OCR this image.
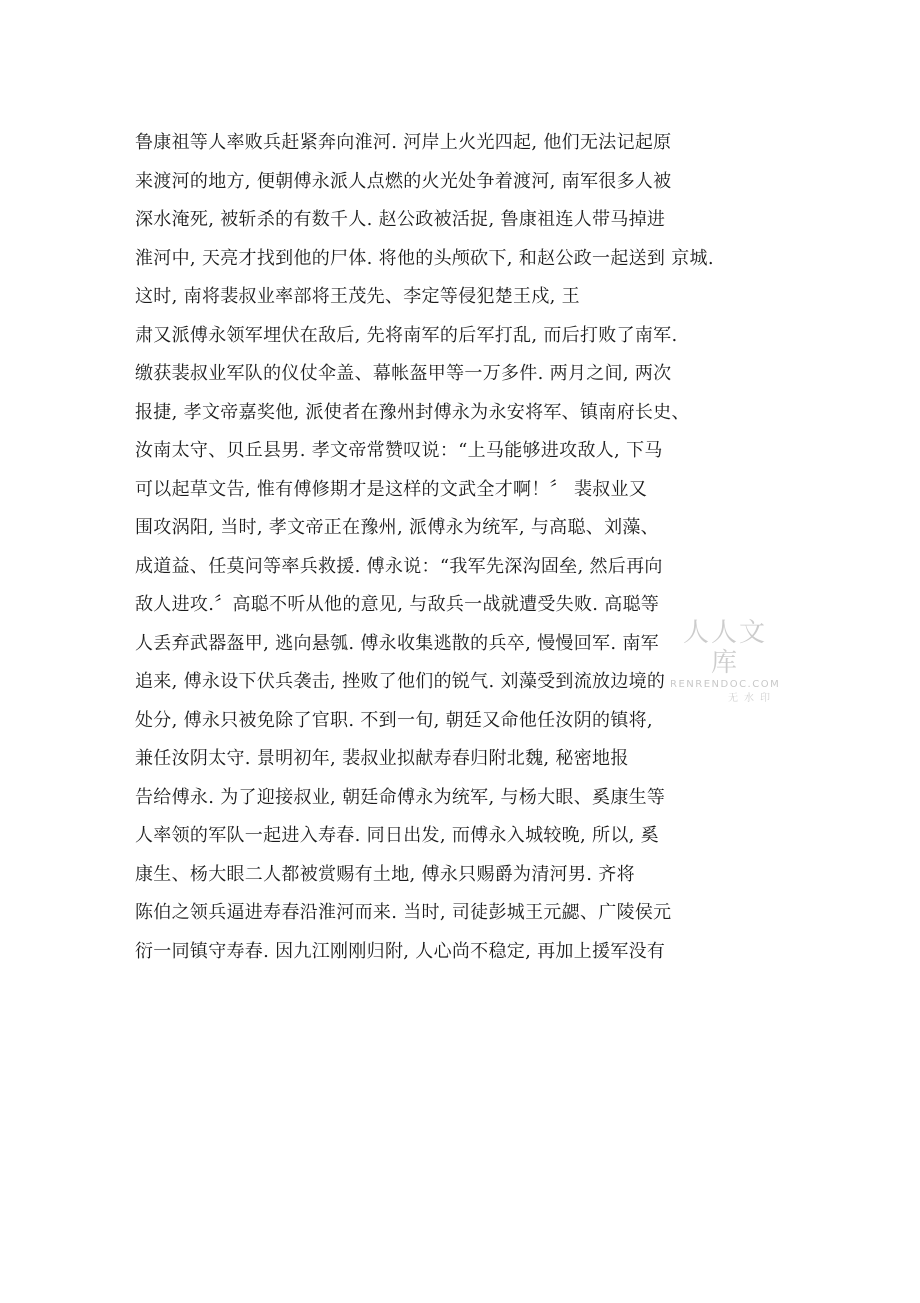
鲁康祖等人率败兵赶紧奔向淮河. 河岸上火光四起, 他们无法记起原
来渡河的地方, 便朝傅永派人点燃的火光处争着渡河, 南军很多人被
深水淹死, 被斩杀的有数千人. 赵公政被活捉, 鲁康祖连人带马掉进
淮河中, 天亮才找到他的尸体. 将他的头颅砍下, 和赵公政一起送到 京城.
这时, 南将裴叔业率部将王茂先、李定等侵犯楚王戍, 王
肃又派傅永领军埋伏在敌后, 先将南军的后军打乱, 而后打败了南军.
缴获裴叔业军队的仪仗伞盖、幕帐盔甲等一万多件. 两月之间, 两次
报捷, 孝文帝嘉奖他, 派使者在豫州封傅永为永安将军、镇南府长史、
汝南太守、贝丘县男. 孝文帝常赞叹说：“上马能够进攻敌人, 下马
可以起草文告, 惟有傅修期才是这样的文武全才啊！〞 裴叔业又
围攻涡阳, 当时, 孝文帝正在豫州, 派傅永为统军, 与高聪、刘藻、
成道益、任莫问等率兵救援. 傅永说：“我军先深沟固垒, 然后再向
敌人进攻.〞高聪不听从他的意见, 与敌兵一战就遭受失败. 高聪等
人丢弃武器盔甲, 逃向悬瓠. 傅永收集逃散的兵卒, 慢慢回军. 南军
追来, 傅永设下伏兵袭击, 挫败了他们的锐气. 刘藻受到流放边境的
处分, 傅永只被免除了官职. 不到一旬, 朝廷又命他任汝阴的镇将,
兼任汝阴太守. 景明初年, 裴叔业拟献寿春归附北魏, 秘密地报
告给傅永. 为了迎接叔业, 朝廷命傅永为统军, 与杨大眼、奚康生等
人率领的军队一起进入寿春. 同日出发, 而傅永入城较晚, 所以, 奚
康生、杨大眼二人都被赏赐有土地, 傅永只赐爵为清河男. 齐将
陈伯之领兵逼进寿春沿淮河而来. 当时, 司徒彭城王元勰、广陵侯元
衍一同镇守寿春. 因九江刚刚归附, 人心尚不稳定, 再加上援军没有
人人文库
RENRENDOC.COM
无水印
